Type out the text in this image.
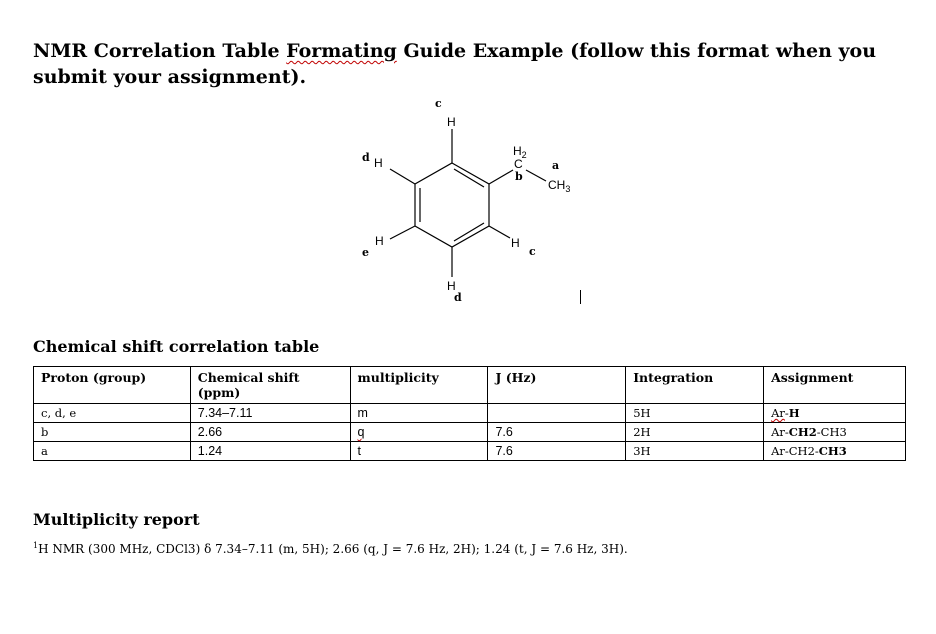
NMR Correlation Table Formating Guide Example (follow this format when you submit your assignment).
H
H
H
H
H
$H_2$
C
$CH_3$
c
d
e
d
c
b
a
Chemical shift correlation table
Proton (group)	Chemical shift (ppm)	multiplicity	J (Hz)	Integration	Assignment
c, d, e	7.34–7.11	m		5H	Ar-H
b	2.66	q	7.6	2H	Ar-CH2-CH3
a	1.24	t	7.6	3H	Ar-CH2-CH3
Multiplicity report
$^1$H NMR (300 MHz, CDCl3) δ 7.34–7.11 (m, 5H); 2.66 (q, J = 7.6 Hz, 2H); 1.24 (t, J = 7.6 Hz, 3H).
